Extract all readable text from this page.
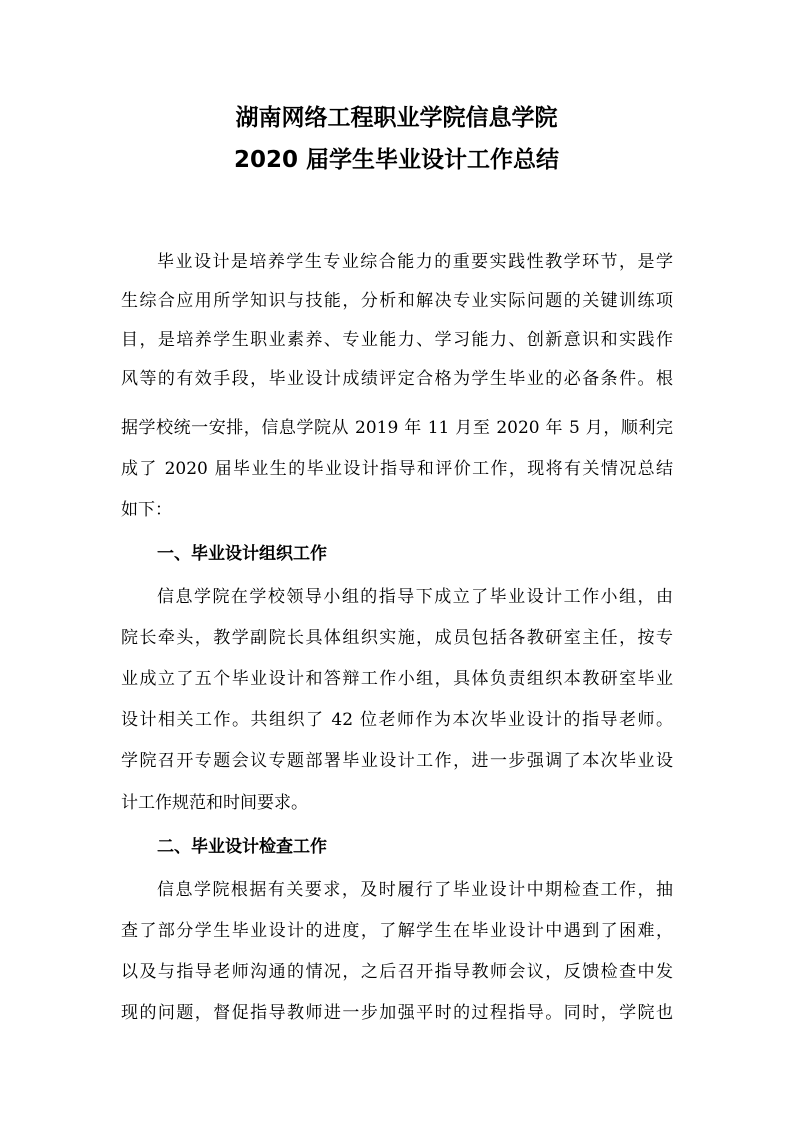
湖南网络工程职业学院信息学院
2020 届学生毕业设计工作总结
毕业设计是培养学生专业综合能力的重要实践性教学环节，是学
生综合应用所学知识与技能，分析和解决专业实际问题的关键训练项
目，是培养学生职业素养、专业能力、学习能力、创新意识和实践作
风等的有效手段，毕业设计成绩评定合格为学生毕业的必备条件。根
据学校统一安排，信息学院从 2019 年 11 月至 2020 年 5 月，顺利完
成了 2020 届毕业生的毕业设计指导和评价工作，现将有关情况总结
如下：
一、毕业设计组织工作
信息学院在学校领导小组的指导下成立了毕业设计工作小组，由
院长牵头，教学副院长具体组织实施，成员包括各教研室主任，按专
业成立了五个毕业设计和答辩工作小组，具体负责组织本教研室毕业
设计相关工作。共组织了 42 位老师作为本次毕业设计的指导老师。
学院召开专题会议专题部署毕业设计工作，进一步强调了本次毕业设
计工作规范和时间要求。
二、毕业设计检查工作
信息学院根据有关要求，及时履行了毕业设计中期检查工作，抽
查了部分学生毕业设计的进度，了解学生在毕业设计中遇到了困难，
以及与指导老师沟通的情况，之后召开指导教师会议，反馈检查中发
现的问题，督促指导教师进一步加强平时的过程指导。同时，学院也
